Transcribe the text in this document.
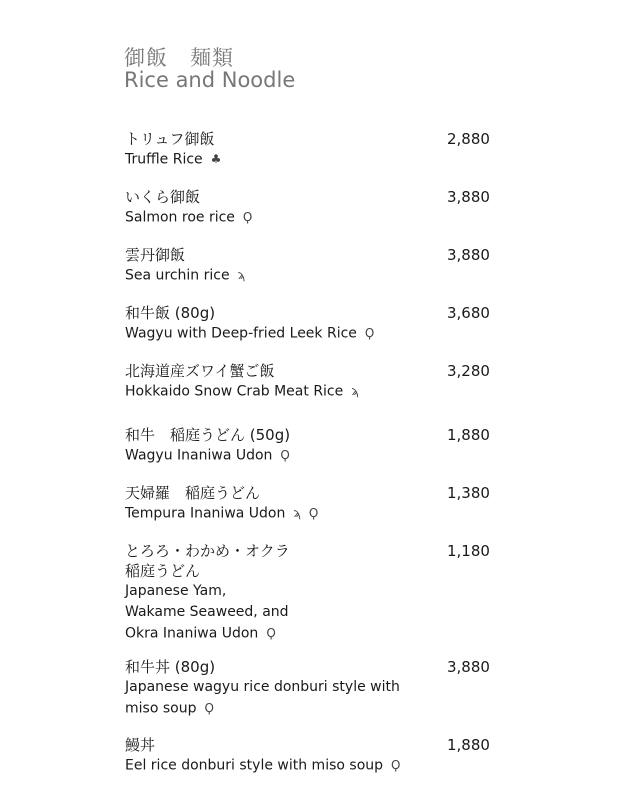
御飯　麺類
Rice and Noodle
トリュフ御飯
Truffle Rice ♣
2,880
いくら御飯
Salmon roe rice Ϙ
3,880
雲丹御飯
Sea urchin rice ϡ
3,880
和牛飯 (80g)
Wagyu with Deep-fried Leek Rice Ϙ
3,680
北海道産ズワイ蟹ご飯
Hokkaido Snow Crab Meat Rice ϡ
3,280
和牛　稲庭うどん (50g)
Wagyu Inaniwa Udon Ϙ
1,880
天婦羅　稲庭うどん
Tempura Inaniwa Udon ϡ Ϙ
1,380
とろろ・わかめ・オクラ
稲庭うどん
Japanese Yam,
Wakame Seaweed, and
Okra Inaniwa Udon Ϙ
1,180
和牛丼 (80g)
Japanese wagyu rice donburi style with
miso soup Ϙ
3,880
鰻丼
Eel rice donburi style with miso soup Ϙ
1,880
